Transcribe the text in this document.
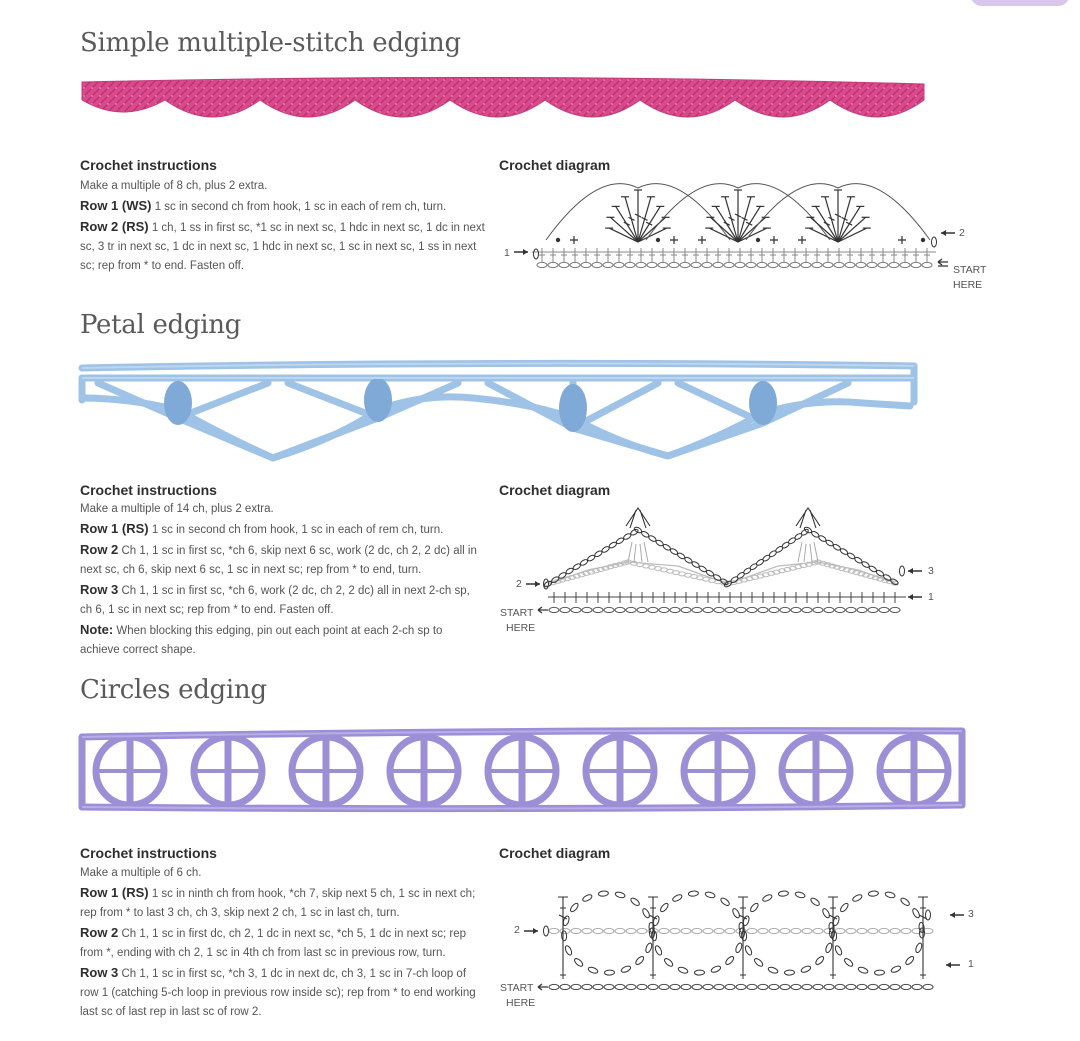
Simple multiple-stitch edging
Crochet instructions	Crochet diagram
Make a multiple of 8 ch, plus 2 extra.
Row 1 (WS) 1 sc in second ch from hook, 1 sc in each of rem ch, turn.
Row 2 (RS) 1 ch, 1 ss in first sc, *1 sc in next sc, 1 hdc in next sc, 1 dc in next sc, 3 tr in next sc, 1 dc in next sc, 1 hdc in next sc, 1 sc in next sc, 1 ss in next sc; rep from * to end. Fasten off.
1
2
START
HERE
Petal edging
Crochet instructions	Crochet diagram
Make a multiple of 14 ch, plus 2 extra.
Row 1 (RS) 1 sc in second ch from hook, 1 sc in each of rem ch, turn.
Row 2 Ch 1, 1 sc in first sc, *ch 6, skip next 6 sc, work (2 dc, ch 2, 2 dc) all in next sc, ch 6, skip next 6 sc, 1 sc in next sc; rep from * to end, turn.
Row 3 Ch 1, 1 sc in first sc, *ch 6, work (2 dc, ch 2, 2 dc) all in next 2-ch sp, ch 6, 1 sc in next sc; rep from * to end. Fasten off.
Note: When blocking this edging, pin out each point at each 2-ch sp to achieve correct shape.
2
3
1
START
HERE
Circles edging
Crochet instructions	Crochet diagram
Make a multiple of 6 ch.
Row 1 (RS) 1 sc in ninth ch from hook, *ch 7, skip next 5 ch, 1 sc in next ch; rep from * to last 3 ch, ch 3, skip next 2 ch, 1 sc in last ch, turn.
Row 2 Ch 1, 1 sc in first dc, ch 2, 1 dc in next sc, *ch 5, 1 dc in next sc; rep from *, ending with ch 2, 1 sc in 4th ch from last sc in previous row, turn.
Row 3 Ch 1, 1 sc in first sc, *ch 3, 1 dc in next dc, ch 3, 1 sc in 7-ch loop of row 1 (catching 5-ch loop in previous row inside sc); rep from * to end working last sc of last rep in last sc of row 2.
2
3
1
START
HERE
